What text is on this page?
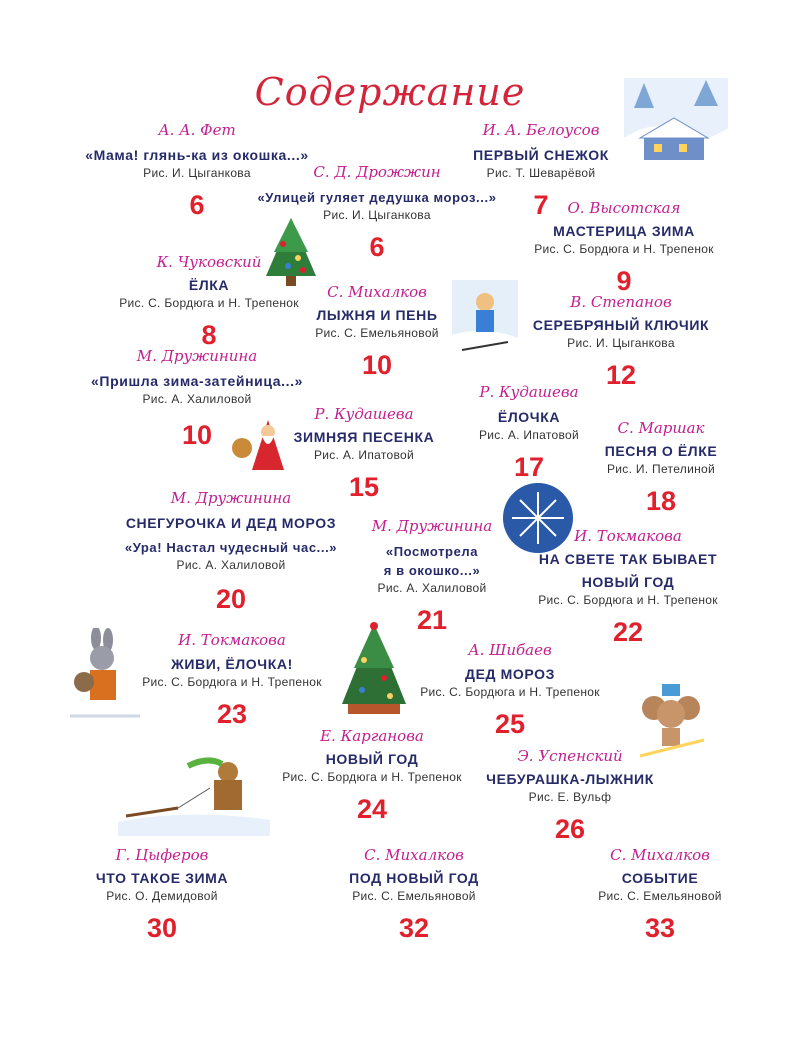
Содержание
А. А. Фет
«Мама! глянь-ка из окошка...»
Рис. И. Цыганкова
6
С. Д. Дрожжин
«Улицей гуляет дедушка мороз...»
Рис. И. Цыганкова
6
И. А. Белоусов
ПЕРВЫЙ СНЕЖОК
Рис. Т. Шеварёвой
7	О. Высотская
МАСТЕРИЦА ЗИМА
Рис. С. Бордюга и Н. Трепенок
9
К. Чуковский
ЁЛКА
Рис. С. Бордюга и Н. Трепенок
8
С. Михалков
ЛЫЖНЯ И ПЕНЬ
Рис. С. Емельяновой
10
В. Степанов
СЕРЕБРЯНЫЙ КЛЮЧИК
Рис. И. Цыганкова
12
М. Дружинина
«Пришла зима-затейница...»
Рис. А. Халиловой
10
Р. Кудашева
ЗИМНЯЯ ПЕСЕНКА
Рис. А. Ипатовой
15
Р. Кудашева
ЁЛОЧКА
Рис. А. Ипатовой
17
С. Маршак
ПЕСНЯ О ЁЛКЕ
Рис. И. Петелиной
18
М. Дружинина
СНЕГУРОЧКА И ДЕД МОРОЗ
«Ура! Настал чудесный час...»
Рис. А. Халиловой
20
М. Дружинина
«Посмотрела
я в окошко...»
Рис. А. Халиловой
21
И. Токмакова
НА СВЕТЕ ТАК БЫВАЕТ
НОВЫЙ ГОД
Рис. С. Бордюга и Н. Трепенок
22
И. Токмакова
ЖИВИ, ЁЛОЧКА!
Рис. С. Бордюга и Н. Трепенок
23
А. Шибаев
ДЕД МОРОЗ
Рис. С. Бордюга и Н. Трепенок
25
Е. Карганова
НОВЫЙ ГОД
Рис. С. Бордюга и Н. Трепенок
24
Э. Успенский
ЧЕБУРАШКА-ЛЫЖНИК
Рис. Е. Вульф
26
Г. Цыферов
ЧТО ТАКОЕ ЗИМА
Рис. О. Демидовой
30
С. Михалков
ПОД НОВЫЙ ГОД
Рис. С. Емельяновой
32
С. Михалков
СОБЫТИЕ
Рис. С. Емельяновой
33
